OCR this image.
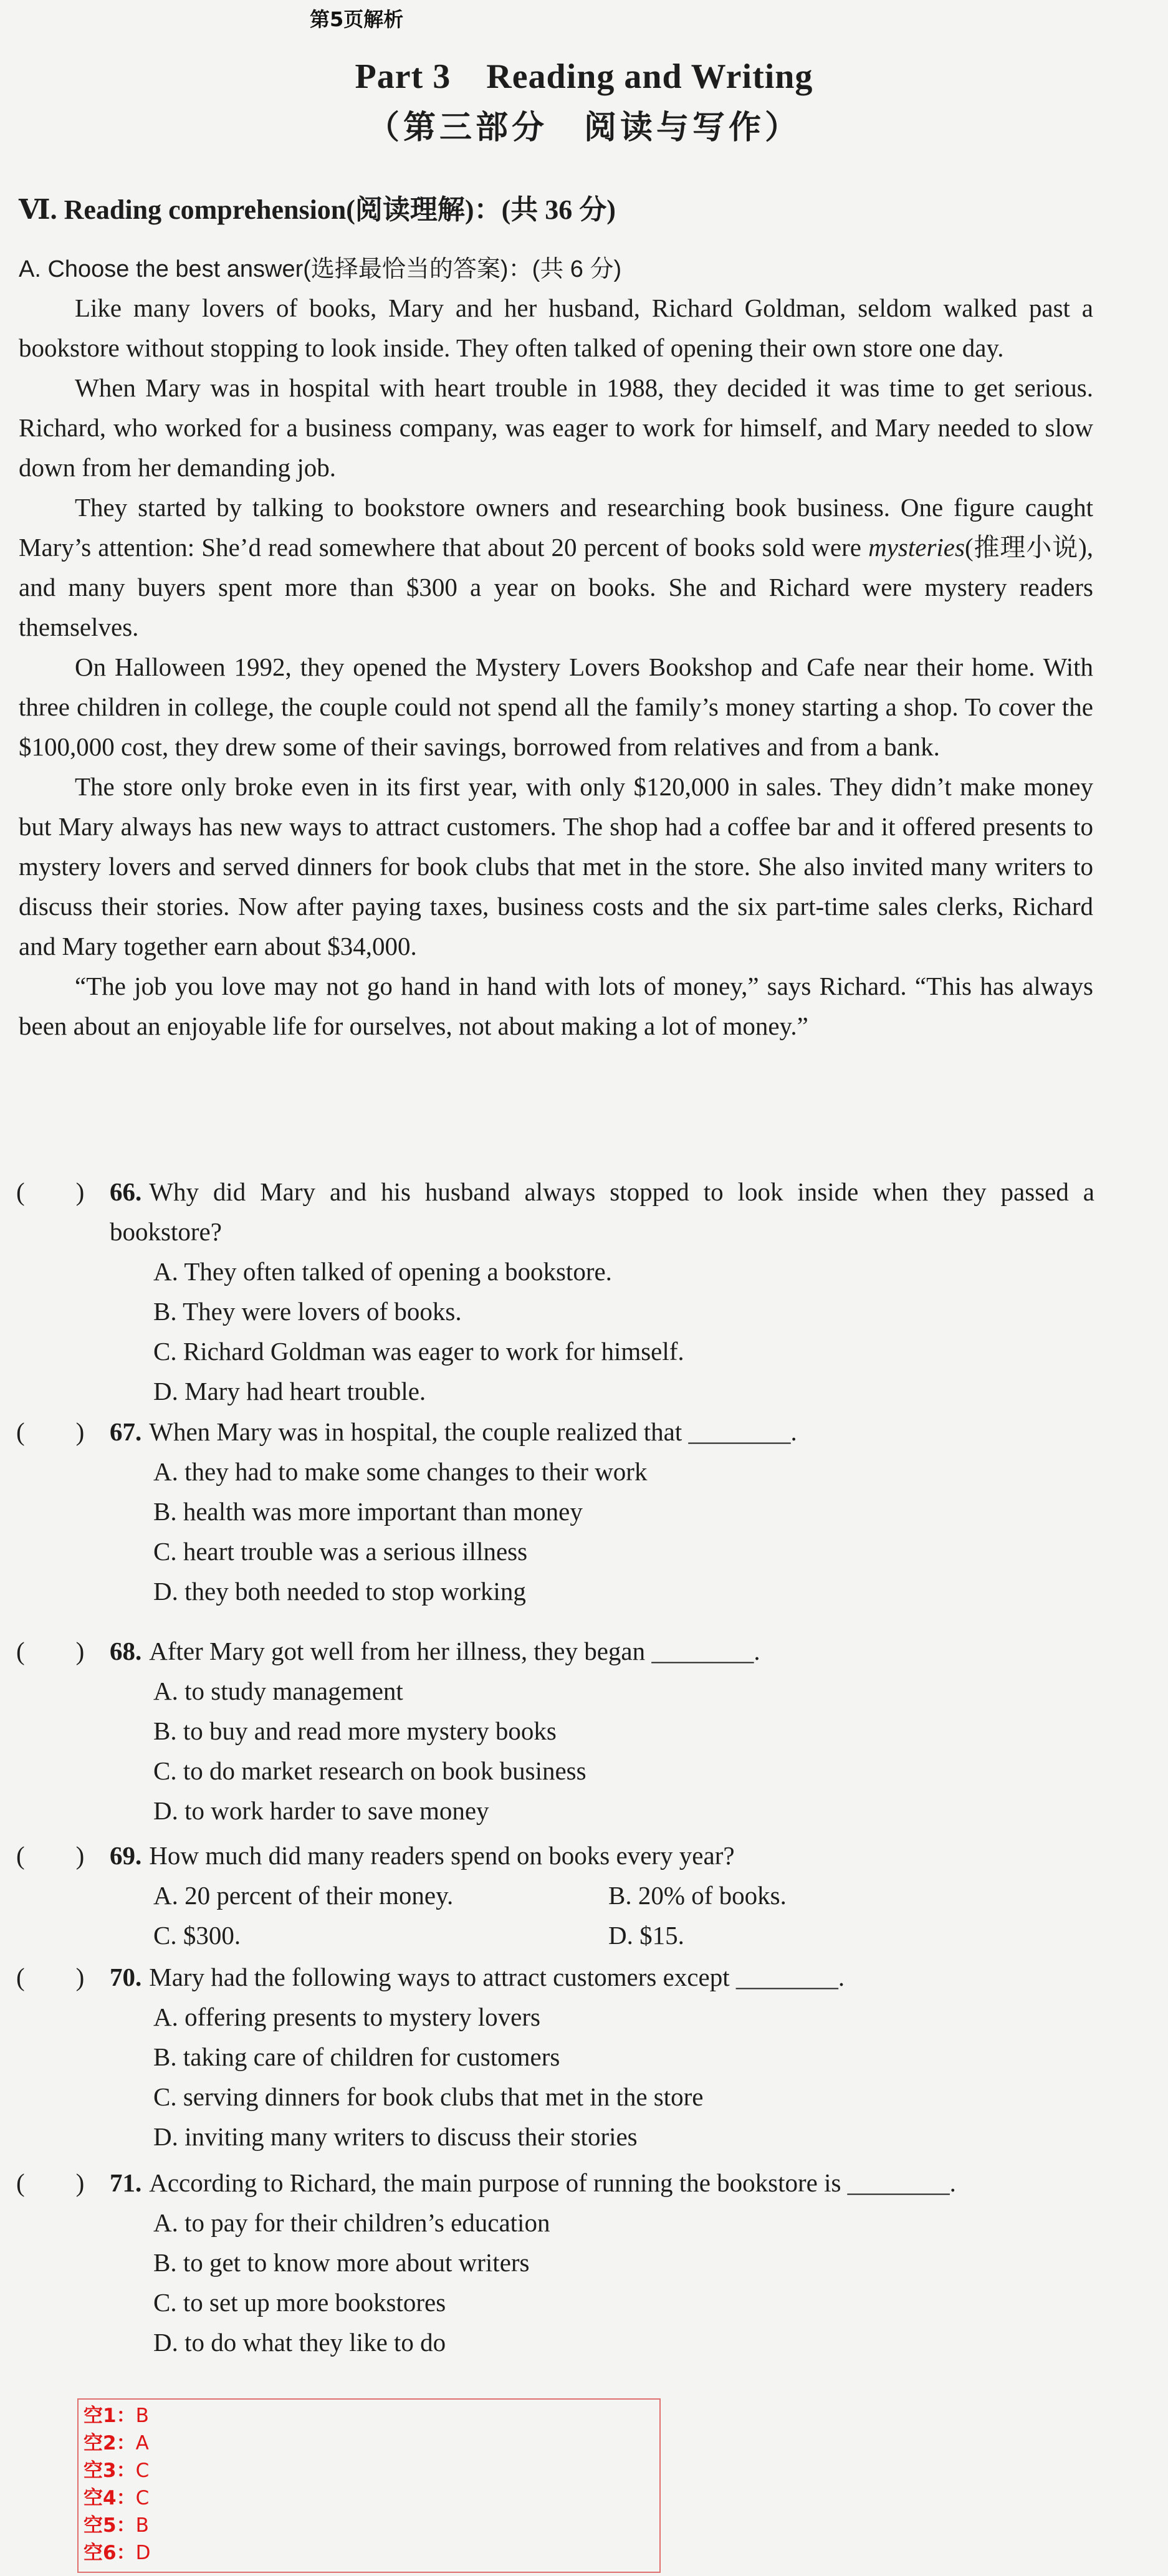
第5页解析
Part 3　Reading and Writing
（第三部分　阅读与写作）
Ⅵ. Reading comprehension(阅读理解)：(共 36 分)
A. Choose the best answer(选择最恰当的答案)：(共 6 分)

Like many lovers of books, Mary and her husband, Richard Goldman, seldom walked past a bookstore without stopping to look inside. They often talked of opening their own store one day.

When Mary was in hospital with heart trouble in 1988, they decided it was time to get serious. Richard, who worked for a business company, was eager to work for himself, and Mary needed to slow down from her demanding job.

They started by talking to bookstore owners and researching book business. One figure caught Mary’s attention: She’d read somewhere that about 20 percent of books sold were mysteries(推理小说), and many buyers spent more than $300 a year on books. She and Richard were mystery readers themselves.

On Halloween 1992, they opened the Mystery Lovers Bookshop and Cafe near their home. With three children in college, the couple could not spend all the family’s money starting a shop. To cover the $100,000 cost, they drew some of their savings, borrowed from relatives and from a bank.

The store only broke even in its first year, with only $120,000 in sales. They didn’t make money but Mary always has new ways to attract customers. The shop had a coffee bar and it offered presents to mystery lovers and served dinners for book clubs that met in the store. She also invited many writers to discuss their stories. Now after paying taxes, business costs and the six part-time sales clerks, Richard and Mary together earn about $34,000.

“The job you love may not go hand in hand with lots of money,” says Richard. “This has always been about an enjoyable life for ourselves, not about making a lot of money.”

(　　) 66. Why did Mary and his husband always stopped to look inside when they passed a bookstore?
A. They often talked of opening a bookstore.
B. They were lovers of books.
C. Richard Goldman was eager to work for himself.
D. Mary had heart trouble.
(　　) 67. When Mary was in hospital, the couple realized that ________.
A. they had to make some changes to their work
B. health was more important than money
C. heart trouble was a serious illness
D. they both needed to stop working
(　　) 68. After Mary got well from her illness, they began ________.
A. to study management
B. to buy and read more mystery books
C. to do market research on book business
D. to work harder to save money
(　　) 69. How much did many readers spend on books every year?
A. 20 percent of their money.	B. 20% of books.
C. $300.	D. $15.
(　　) 70. Mary had the following ways to attract customers except ________.
A. offering presents to mystery lovers
B. taking care of children for customers
C. serving dinners for book clubs that met in the store
D. inviting many writers to discuss their stories
(　　) 71. According to Richard, the main purpose of running the bookstore is ________.
A. to pay for their children’s education
B. to get to know more about writers
C. to set up more bookstores
D. to do what they like to do
空1：B
空2：A
空3：C
空4：C
空5：B
空6：D
